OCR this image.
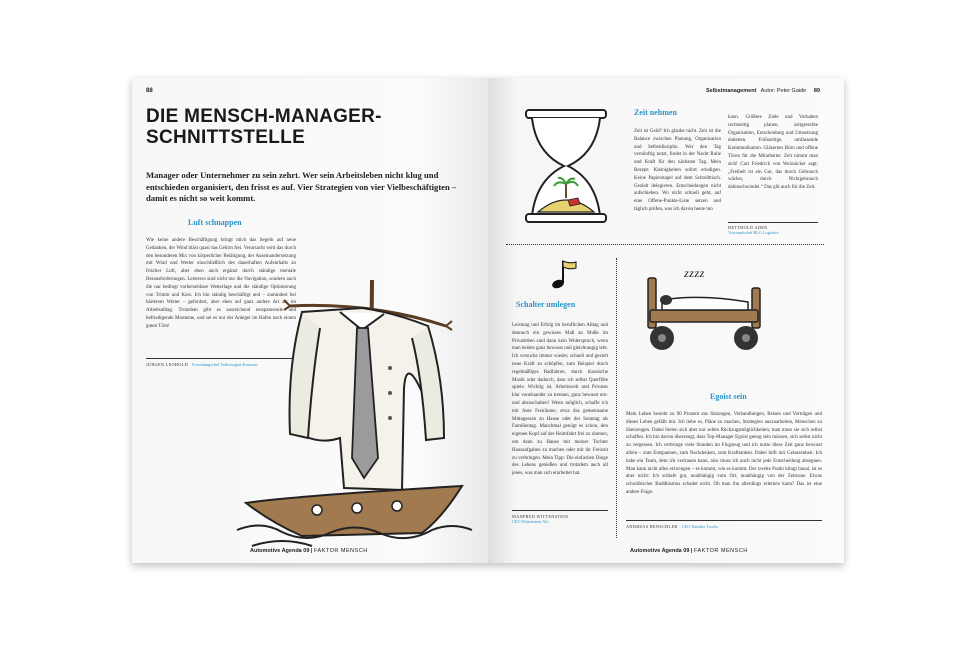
88
DIE MENSCH-MANAGER-
SCHNITTSTELLE

Manager oder Unternehmer zu sein zehrt. Wer sein Arbeitsleben nicht klug und entschieden organisiert, den frisst es auf. Vier Strategien von vier Vielbeschäftigten – damit es nicht so weit kommt.

Luft schnappen

Wie keine andere Beschäftigung bringt mich das Segeln auf neue Gedanken, der Wind bläst quasi das Gehirn frei. Verursacht wird das durch den besonderen Mix von körperlicher Betätigung, der Auseinandersetzung mit Wind und Wetter einschließlich des dauerhaften Aufenthalts an frischer Luft, aber eben auch ergänzt durch ständige mentale Herausforderungen. Letzteres sind nicht nur die Navigation, sondern auch die nur bedingt vorhersehbare Wetterlage und die ständige Optimierung von Trimm und Kurs. Ich bin ständig beschäftigt und – zumindest bei härterem Wetter – gefordert, aber eben auf ganz andere Art als im Arbeitsalltag. Trotzdem gibt es ausreichend entspannende und befriedigende Momente, und sei es nur der Anleger im Hafen nach einem guten Törn!

JÜRGEN LEOHOLD Forschungschef Volkswagen-Konzern
Automotive Agenda 09 | FAKTOR MENSCH
Selbstmanagement Autor: Peter Gaide 89
Zeit nehmen

Zeit ist Geld? Ich glaube nicht. Zeit ist die Balance zwischen Planung, Organisation und Selbstdisziplin. Wer den Tag vernünftig nutzt, findet in der Nacht Ruhe und Kraft für den nächsten Tag. Mein Rezept: Kleinigkeiten sofort erledigen. Keine Papierstapel auf dem Schreibtisch. Gezielt delegieren. Entscheidungen nicht aufschieben. Wo nicht schnell geht, auf eine Offene-Punkte-Liste setzen und täglich prüfen, was ich davon heute tun

kann. Größere Ziele und Vorhaben rechtzeitig planen, zeitgerechte Organisation, Entscheidung und Umsetzung einleiten. Frühzeitige, umfassende Kommunikation. Gläsernes Büro und offene Türen für die Mitarbeiter. Zeit nimmt man sich! Carl Friedrich von Weizsäcker sagt: „Freiheit ist ein Gut, das durch Gebrauch wächst, durch Nichtgebrauch dahinschwindet.“ Das gilt auch für die Zeit.

DETTHOLD ADEN
Vorstandschef BLG Logistics
Schalter umlegen

Leistung und Erfolg im beruflichen Alltag und dennoch ein gewisses Maß an Muße im Privatleben sind dann kein Widerspruch, wenn man beides ganz bewusst und gleichrangig lebt. Ich versuche immer wieder, schnell und gezielt neue Kraft zu schöpfen, zum Beispiel durch regelmäßiges Radfahren, durch klassische Musik oder dadurch, dass ich selbst Querflöte spiele. Wichtig ist, Arbeitswelt und Privates klar voneinander zu trennen, ganz bewusst um- und abzuschalten! Wenn möglich, schaffe ich mir feste Freiräume, etwa das gemeinsame Mittagessen zu Hause oder der Sonntag als Familientag. Manchmal genügt es schon, den eigenen Kopf auf der Heimfahrt frei zu räumen, um dann zu Hause mit meiner Tochter Hausaufgaben zu machen oder mit ihr Freizeit zu verbringen. Mein Tipp: Die einfachen Dinge des Lebens genießen und trotzdem auch all jenes, was man sich erarbeitet hat.

MANFRED WITTENSTEIN
CEO Wittenstein AG
ZZZZ
Egoist sein

Mein Leben besteht zu 90 Prozent aus Sitzungen, Verhandlungen, Reisen und Vorträgen und dieses Leben gefällt mir. Ich liebe es, Pläne zu machen, Strategien auszuarbeiten, Menschen zu überzeugen. Dabei bieten sich aber nur selten Rückzugsmöglichkeiten, man muss sie sich selbst schaffen. Ich bin davon überzeugt, dass Top-Manager Egoist genug sein müssen, sich selbst nicht zu vergessen. Ich verbringe viele Stunden im Flugzeug und ich nutze diese Zeit ganz bewusst allein – zum Entspannen, zum Nachdenken, zum Krafttanken. Dabei hilft mir Gelassenheit. Ich habe ein Team, dem ich vertrauen kann, also muss ich auch nicht jede Entscheidung absegnen. Man kann nicht alles erzwingen – es kommt, wie es kommt. Der zweite Punkt klingt banal, ist es aber nicht: Ich schlafe gut, unabhängig vom Ort, unabhängig von der Zeitzone. Etwas schwäbischer Buddhismus schadet nicht. Ob man ihn allerdings erlernen kann? Das ist eine andere Frage.

ANDREAS RENSCHLER CEO Daimler Trucks
Automotive Agenda 09 | FAKTOR MENSCH
